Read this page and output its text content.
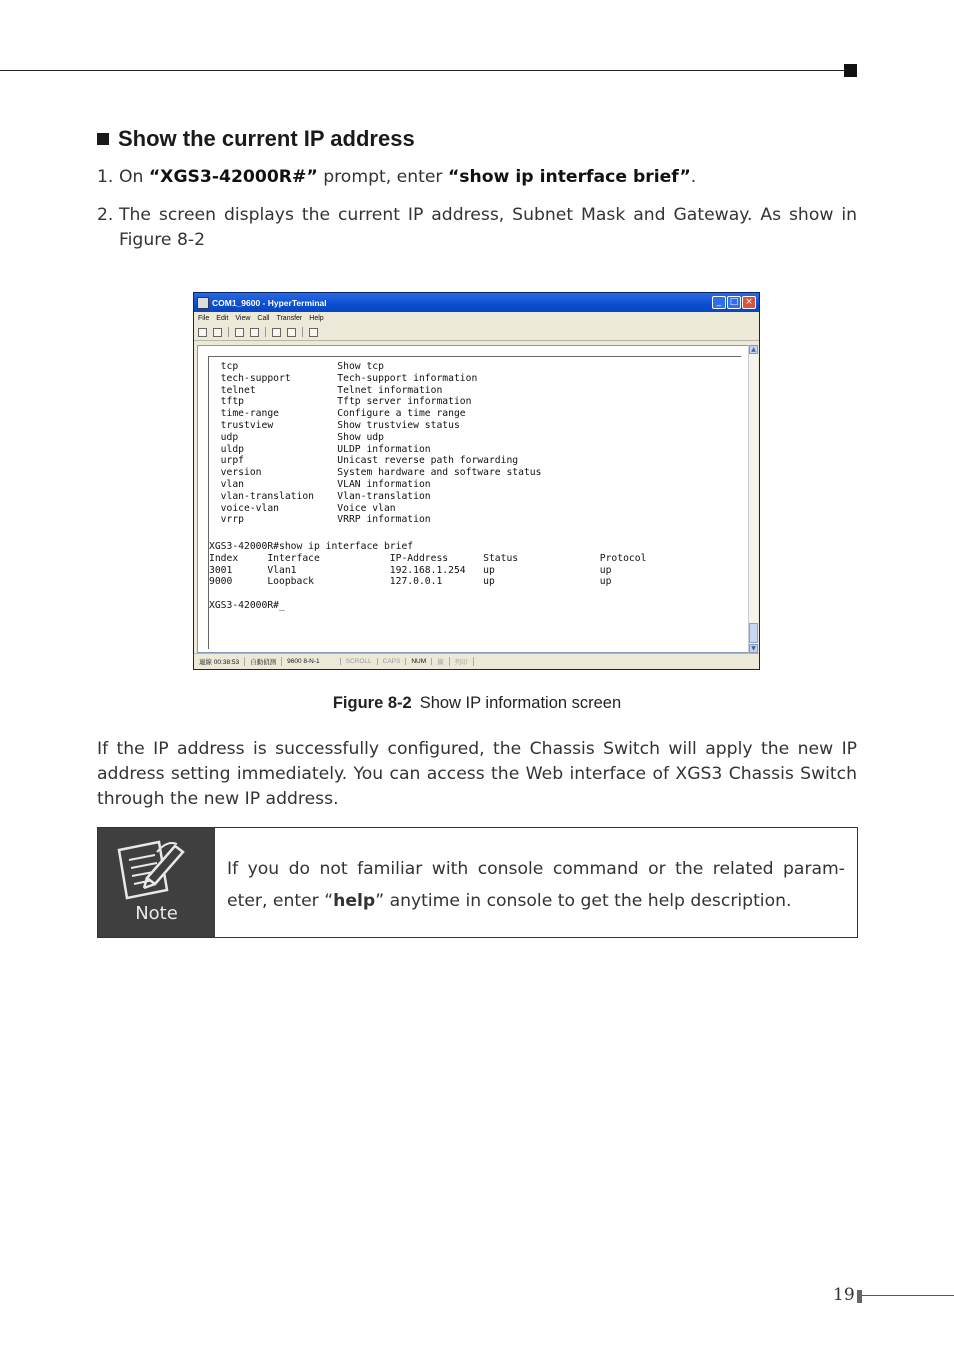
Show the current IP address
1. On “XGS3-42000R#” prompt, enter “show ip interface brief”.
2. The screen displays the current IP address, Subnet Mask and Gateway. As show in Figure 8-2
COM1_9600 - HyperTerminal	_ □ ×
File Edit View Call Transfer Help
tcp                 Show tcp
tech-support        Tech-support information
telnet              Telnet information
tftp                Tftp server information
time-range          Configure a time range
trustview           Show trustview status
udp                 Show udp
uldp                ULDP information
urpf                Unicast reverse path forwarding
version             System hardware and software status
vlan                VLAN information
vlan-translation    Vlan-translation
voice-vlan          Voice vlan
vrrp                VRRP information
XGS3-42000R#show ip interface brief
Index     Interface            IP-Address      Status              Protocol
3001      Vlan1                192.168.1.254   up                  up
9000      Loopback             127.0.0.1       up                  up
XGS3-42000R#_
▲
▼
連線 00:38:53	自動偵測	9600 8-N-1	SCROLL	CAPS	NUM	擷	列印
Figure 8-2 Show IP information screen
If the IP address is successfully configured, the Chassis Switch will apply the new IP address setting immediately. You can access the Web interface of XGS3 Chassis Switch through the new IP address.
Note
If you do not familiar with console command or the related param- eter, enter “help” anytime in console to get the help description.
19
